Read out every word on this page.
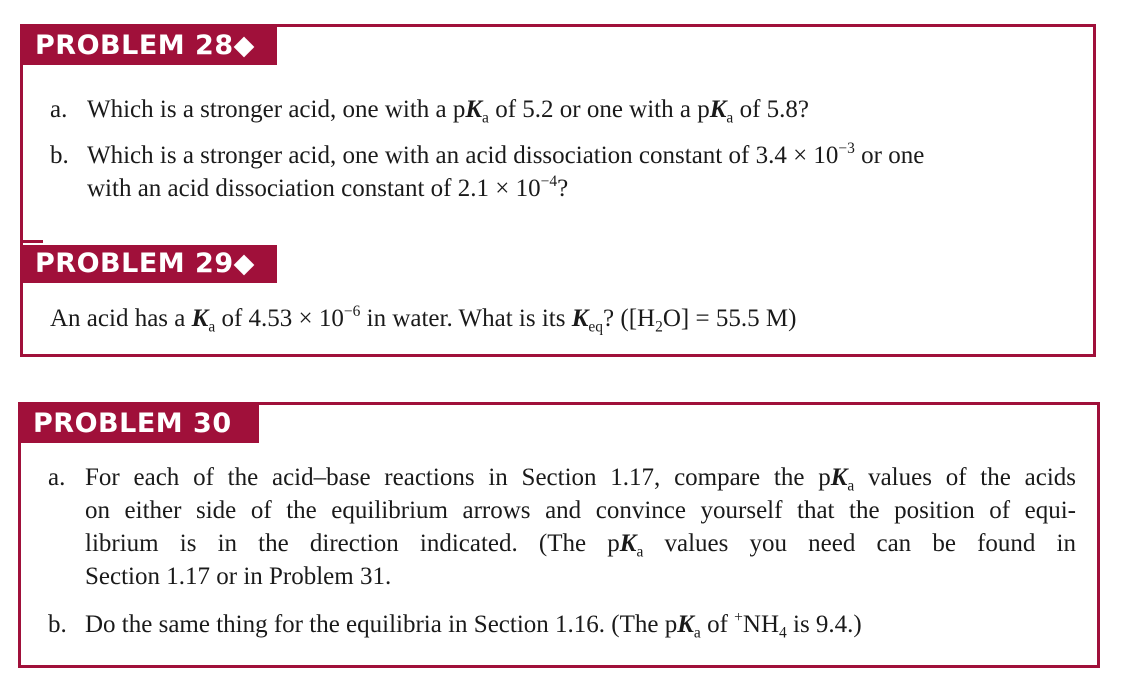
PROBLEM 28◆
a. Which is a stronger acid, one with a $pK_a$ of 5.2 or one with a $pK_a$ of 5.8?
b. Which is a stronger acid, one with an acid dissociation constant of $3.4 \times 10^{-3}$ or one
with an acid dissociation constant of $2.1 \times 10^{-4}$?
PROBLEM 29◆
An acid has a $K_a$ of $4.53 \times 10^{-6}$ in water. What is its $K_{eq}$? ($[H_2O] = 55.5$ M)
PROBLEM 30
a. For each of the acid–base reactions in Section 1.17, compare the $pK_a$ values of the acids
on either side of the equilibrium arrows and convince yourself that the position of equi-
librium is in the direction indicated. (The $pK_a$ values you need can be found in
Section 1.17 or in Problem 31.
b. Do the same thing for the equilibria in Section 1.16. (The $pK_a$ of $^+NH_4$ is 9.4.)
